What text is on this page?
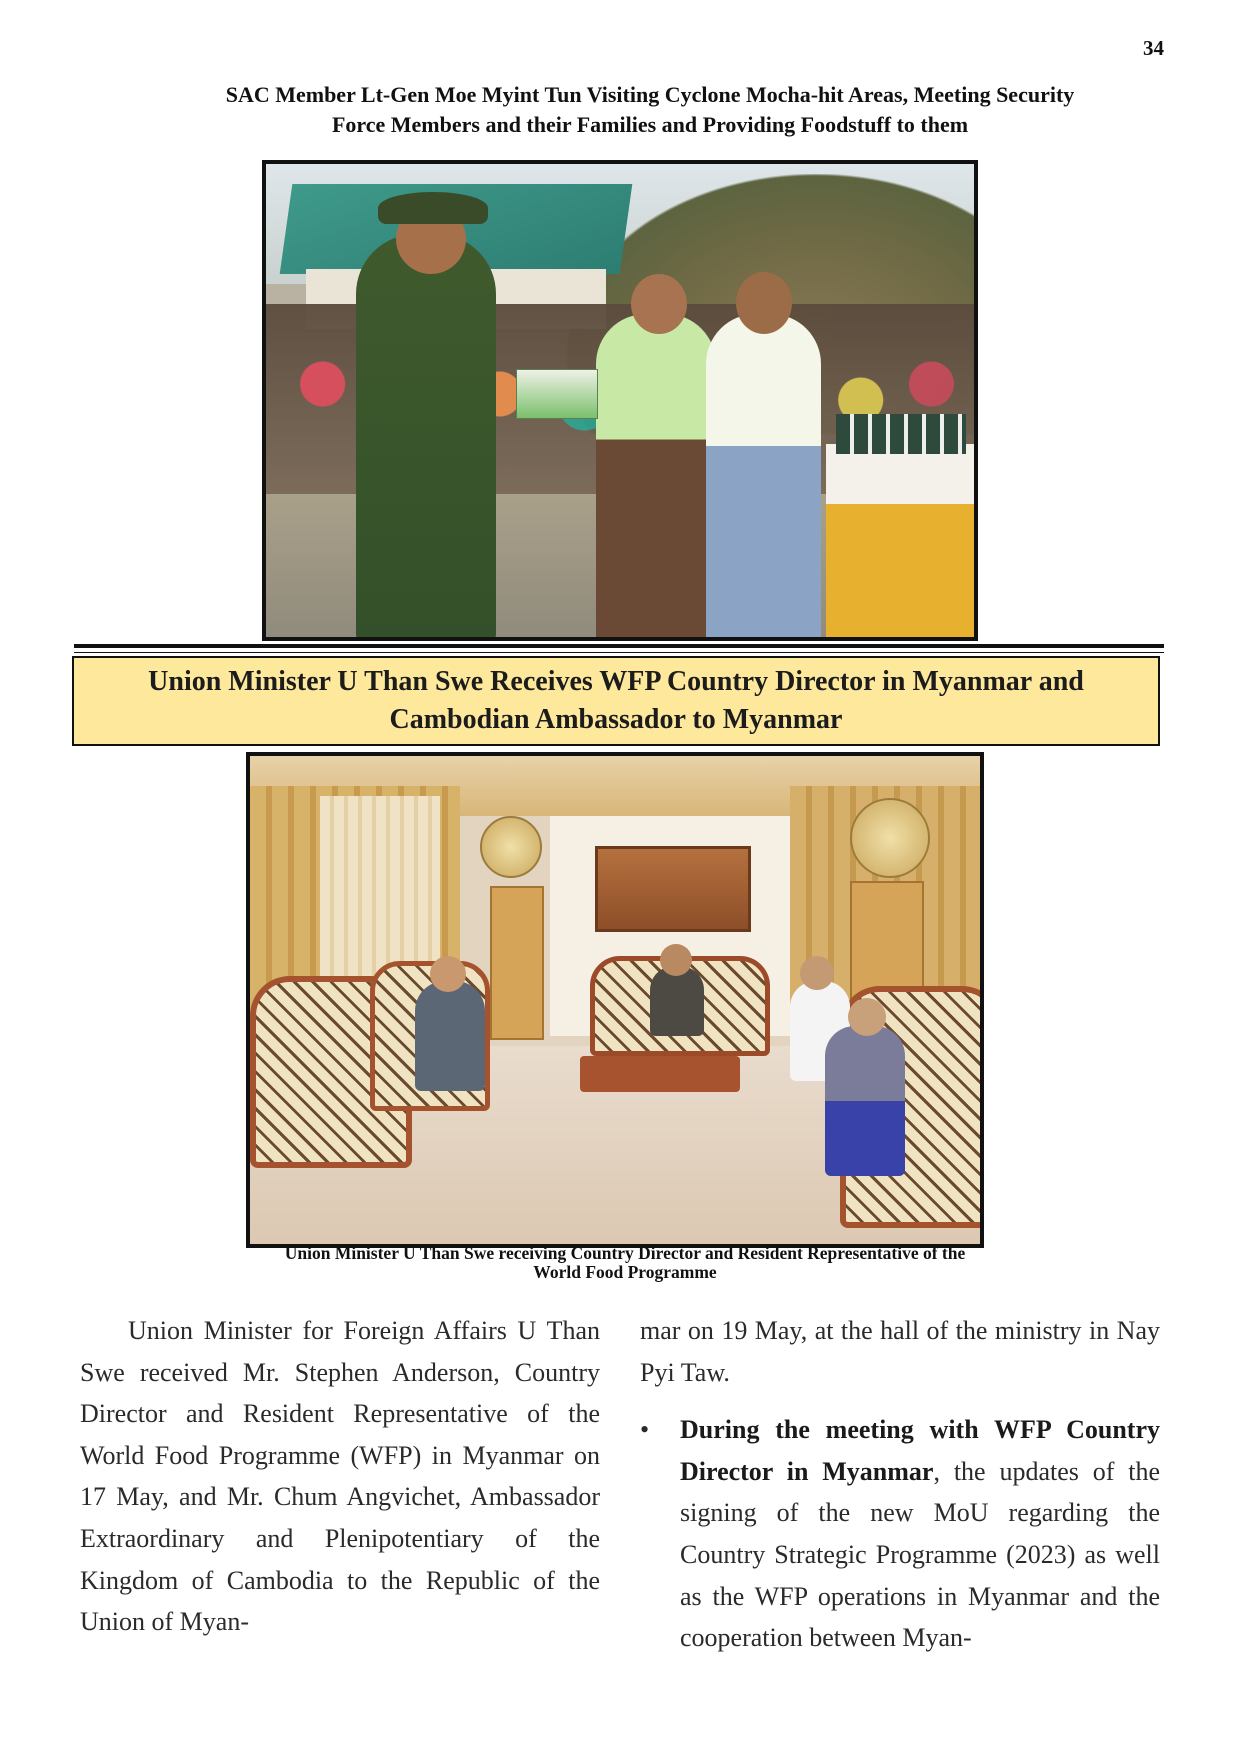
34
SAC Member Lt-Gen Moe Myint Tun Visiting Cyclone Mocha-hit Areas, Meeting Security
Force Members and their Families and Providing Foodstuff to them
Union Minister U Than Swe Receives WFP Country Director in Myanmar and
Cambodian Ambassador to Myanmar
Union Minister U Than Swe receiving Country Director and Resident Representative of the
World Food Programme

Union Minister for Foreign Affairs U Than Swe received Mr. Stephen Anderson, Country Director and Resident Representative of the World Food Programme (WFP) in Myanmar on 17 May, and Mr. Chum Angvichet, Ambassador Extraordinary and Plenipotentiary of the Kingdom of Cambodia to the Republic of the Union of Myan-

mar on 19 May, at the hall of the ministry in Nay Pyi Taw.

• During the meeting with WFP Country Director in Myanmar, the updates of the signing of the new MoU regarding the Country Strategic Programme (2023) as well as the WFP operations in Myanmar and the cooperation between Myan-
